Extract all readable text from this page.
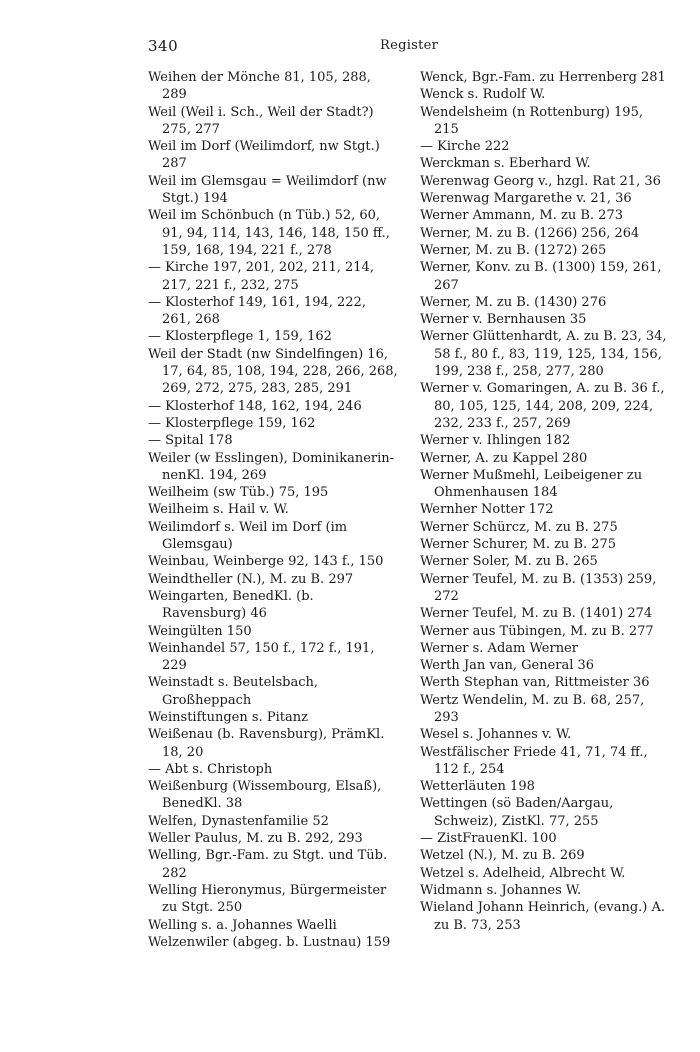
340	Register

Weihen der Mönche 81, 105, 288, 289

Weil (Weil i. Sch., Weil der Stadt?) 275, 277

Weil im Dorf (Weilimdorf, nw Stgt.) 287

Weil im Glemsgau = Weilimdorf (nw Stgt.) 194

Weil im Schönbuch (n Tüb.) 52, 60, 91, 94, 114, 143, 146, 148, 150 ff., 159, 168, 194, 221 f., 278

— Kirche 197, 201, 202, 211, 214, 217, 221 f., 232, 275

— Klosterhof 149, 161, 194, 222, 261, 268

— Klosterpflege 1, 159, 162

Weil der Stadt (nw Sindelfingen) 16, 17, 64, 85, 108, 194, 228, 266, 268, 269, 272, 275, 283, 285, 291

— Klosterhof 148, 162, 194, 246

— Klosterpflege 159, 162

— Spital 178

Weiler (w Esslingen), Dominikanerin-nenKl. 194, 269

Weilheim (sw Tüb.) 75, 195

Weilheim s. Hail v. W.

Weilimdorf s. Weil im Dorf (im Glemsgau)

Weinbau, Weinberge 92, 143 f., 150

Weindtheller (N.), M. zu B. 297

Weingarten, BenedKl. (b. Ravensburg) 46

Weingülten 150

Weinhandel 57, 150 f., 172 f., 191, 229

Weinstadt s. Beutelsbach, Großheppach

Weinstiftungen s. Pitanz

Weißenau (b. Ravensburg), PrämKl. 18, 20

— Abt s. Christoph

Weißenburg (Wissembourg, Elsaß), BenedKl. 38

Welfen, Dynastenfamilie 52

Weller Paulus, M. zu B. 292, 293

Welling, Bgr.-Fam. zu Stgt. und Tüb. 282

Welling Hieronymus, Bürgermeister zu Stgt. 250

Welling s. a. Johannes Waelli

Welzenwiler (abgeg. b. Lustnau) 159

Wenck, Bgr.-Fam. zu Herrenberg 281

Wenck s. Rudolf W.

Wendelsheim (n Rottenburg) 195, 215

— Kirche 222

Werckman s. Eberhard W.

Werenwag Georg v., hzgl. Rat 21, 36

Werenwag Margarethe v. 21, 36

Werner Ammann, M. zu B. 273

Werner, M. zu B. (1266) 256, 264

Werner, M. zu B. (1272) 265

Werner, Konv. zu B. (1300) 159, 261, 267

Werner, M. zu B. (1430) 276

Werner v. Bernhausen 35

Werner Glüttenhardt, A. zu B. 23, 34, 58 f., 80 f., 83, 119, 125, 134, 156, 199, 238 f., 258, 277, 280

Werner v. Gomaringen, A. zu B. 36 f., 80, 105, 125, 144, 208, 209, 224, 232, 233 f., 257, 269

Werner v. Ihlingen 182

Werner, A. zu Kappel 280

Werner Mußmehl, Leibeigener zu Ohmenhausen 184

Wernher Notter 172

Werner Schürcz, M. zu B. 275

Werner Schurer, M. zu B. 275

Werner Soler, M. zu B. 265

Werner Teufel, M. zu B. (1353) 259, 272

Werner Teufel, M. zu B. (1401) 274

Werner aus Tübingen, M. zu B. 277

Werner s. Adam Werner

Werth Jan van, General 36

Werth Stephan van, Rittmeister 36

Wertz Wendelin, M. zu B. 68, 257, 293

Wesel s. Johannes v. W.

Westfälischer Friede 41, 71, 74 ff., 112 f., 254

Wetterläuten 198

Wettingen (sö Baden/Aargau, Schweiz), ZistKl. 77, 255

— ZistFrauenKl. 100

Wetzel (N.), M. zu B. 269

Wetzel s. Adelheid, Albrecht W.

Widmann s. Johannes W.

Wieland Johann Heinrich, (evang.) A. zu B. 73, 253
